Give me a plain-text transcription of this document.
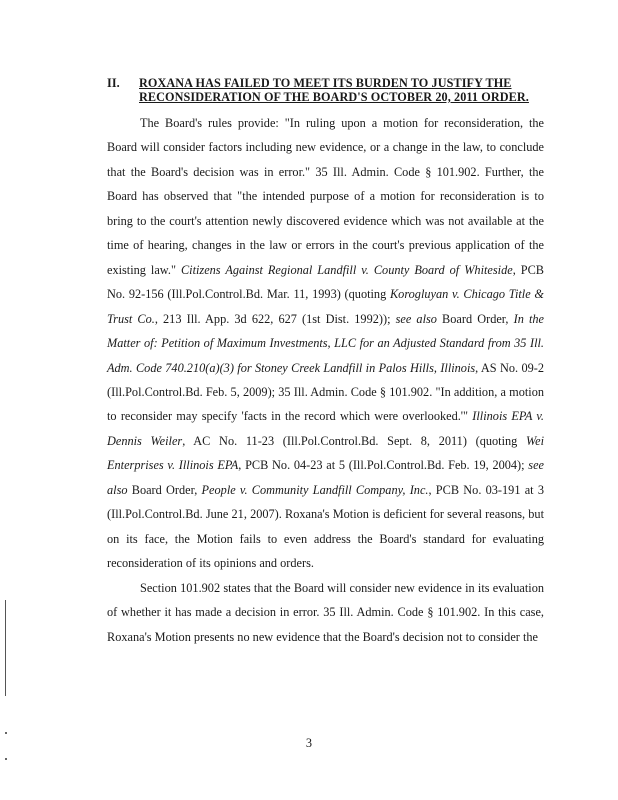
II. ROXANA HAS FAILED TO MEET ITS BURDEN TO JUSTIFY THE RECONSIDERATION OF THE BOARD'S OCTOBER 20, 2011 ORDER.

The Board's rules provide: "In ruling upon a motion for reconsideration, the Board will consider factors including new evidence, or a change in the law, to conclude that the Board's decision was in error." 35 Ill. Admin. Code § 101.902. Further, the Board has observed that "the intended purpose of a motion for reconsideration is to bring to the court's attention newly discovered evidence which was not available at the time of hearing, changes in the law or errors in the court's previous application of the existing law." Citizens Against Regional Landfill v. County Board of Whiteside, PCB No. 92-156 (Ill.Pol.Control.Bd. Mar. 11, 1993) (quoting Korogluyan v. Chicago Title & Trust Co., 213 Ill. App. 3d 622, 627 (1st Dist. 1992)); see also Board Order, In the Matter of: Petition of Maximum Investments, LLC for an Adjusted Standard from 35 Ill. Adm. Code 740.210(a)(3) for Stoney Creek Landfill in Palos Hills, Illinois, AS No. 09-2 (Ill.Pol.Control.Bd. Feb. 5, 2009); 35 Ill. Admin. Code § 101.902. "In addition, a motion to reconsider may specify 'facts in the record which were overlooked.'" Illinois EPA v. Dennis Weiler, AC No. 11-23 (Ill.Pol.Control.Bd. Sept. 8, 2011) (quoting Wei Enterprises v. Illinois EPA, PCB No. 04-23 at 5 (Ill.Pol.Control.Bd. Feb. 19, 2004); see also Board Order, People v. Community Landfill Company, Inc., PCB No. 03-191 at 3 (Ill.Pol.Control.Bd. June 21, 2007). Roxana's Motion is deficient for several reasons, but on its face, the Motion fails to even address the Board's standard for evaluating reconsideration of its opinions and orders.

Section 101.902 states that the Board will consider new evidence in its evaluation of whether it has made a decision in error. 35 Ill. Admin. Code § 101.902. In this case, Roxana's Motion presents no new evidence that the Board's decision not to consider the

3
